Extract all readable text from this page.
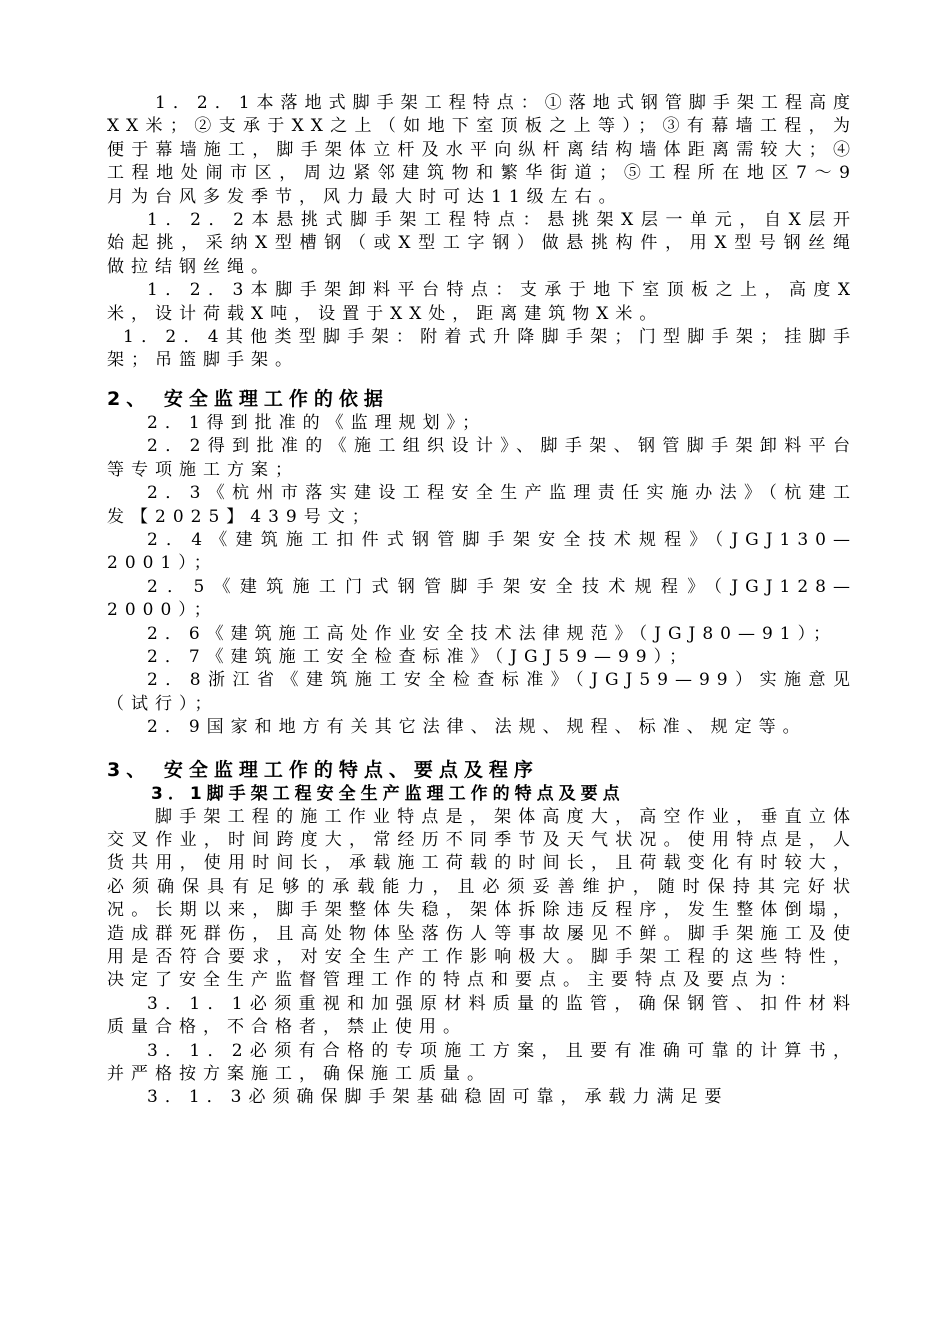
1．2．1本落地式脚手架工程特点：①落地式钢管脚手架工程高度XX米；②支承于XX之上（如地下室顶板之上等）；③有幕墙工程，为便于幕墙施工，脚手架体立杆及水平向纵杆离结构墙体距离需较大；④工程地处闹市区，周边紧邻建筑物和繁华街道；⑤工程所在地区7～9月为台风多发季节，风力最大时可达11级左右。

1．2．2本悬挑式脚手架工程特点：悬挑架X层一单元，自X层开始起挑，采纳X型槽钢（或X型工字钢）做悬挑构件，用X型号钢丝绳做拉结钢丝绳。

1．2．3本脚手架卸料平台特点：支承于地下室顶板之上，高度X米，设计荷载X吨，设置于XX处，距离建筑物X米。

1．2．4其他类型脚手架：附着式升降脚手架；门型脚手架；挂脚手架；吊篮脚手架。

2、 安全监理工作的依据

2．1得到批准的《监理规划》；

2．2得到批准的《施工组织设计》、脚手架、钢管脚手架卸料平台等专项施工方案；

2．3《杭州市落实建设工程安全生产监理责任实施办法》（杭建工发【2025】439号文；

2．4《建筑施工扣件式钢管脚手架安全技术规程》（JGJ130—2001）；

2．5《建筑施工门式钢管脚手架安全技术规程》（JGJ128—2000）；

2．6《建筑施工高处作业安全技术法律规范》（JGJ80—91）；

2．7《建筑施工安全检查标准》（JGJ59—99）；

2．8浙江省《建筑施工安全检查标准》（JGJ59—99）实施意见（试行）；

2．9国家和地方有关其它法律、法规、规程、标准、规定等。

3、 安全监理工作的特点、要点及程序
3．1脚手架工程安全生产监理工作的特点及要点

脚手架工程的施工作业特点是，架体高度大，高空作业，垂直立体交叉作业，时间跨度大，常经历不同季节及天气状况。使用特点是，人货共用，使用时间长，承载施工荷载的时间长，且荷载变化有时较大，必须确保具有足够的承载能力，且必须妥善维护，随时保持其完好状况。长期以来，脚手架整体失稳，架体拆除违反程序，发生整体倒塌，造成群死群伤，且高处物体坠落伤人等事故屡见不鲜。脚手架施工及使用是否符合要求，对安全生产工作影响极大。脚手架工程的这些特性，决定了安全生产监督管理工作的特点和要点。主要特点及要点为：

3．1．1必须重视和加强原材料质量的监管，确保钢管、扣件材料质量合格，不合格者，禁止使用。

3．1．2必须有合格的专项施工方案，且要有准确可靠的计算书，并严格按方案施工，确保施工质量。

3．1．3必须确保脚手架基础稳固可靠，承载力满足要
